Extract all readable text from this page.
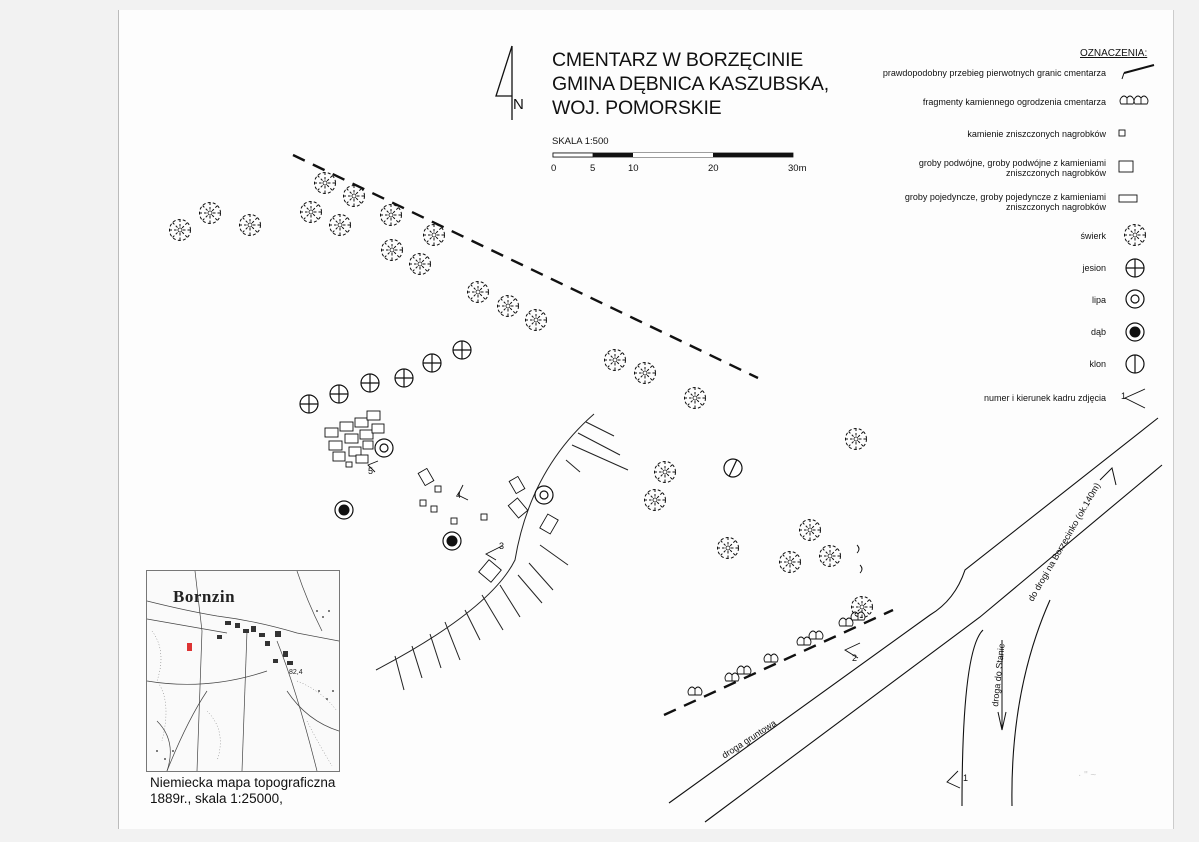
CMENTARZ W BORZĘCINIE
GMINA DĘBNICA KASZUBSKA,
WOJ. POMORSKIE
N
SKALA 1:500
0	5	10	20	30m
OZNACZENIA:
prawdopodobny przebieg pierwotnych granic cmentarza
fragmenty kamiennego ogrodzenia cmentarza
kamienie zniszczonych nagrobków
groby podwójne, groby podwójne z kamieniami
zniszczonych nagrobków
groby pojedyncze, groby pojedyncze z kamieniami
zniszczonych nagrobków
świerk
jesion
lipa
dąb
klon
numer i kierunek kadru zdjęcia 1
droga gruntowa
do drogi na Borzęcinko (ok.140m)
droga do Stanic
1
2
3
4
5
Bornzin
82,4
Niemiecka mapa topograficzna
1889r., skala 1:25000,
· " ~
